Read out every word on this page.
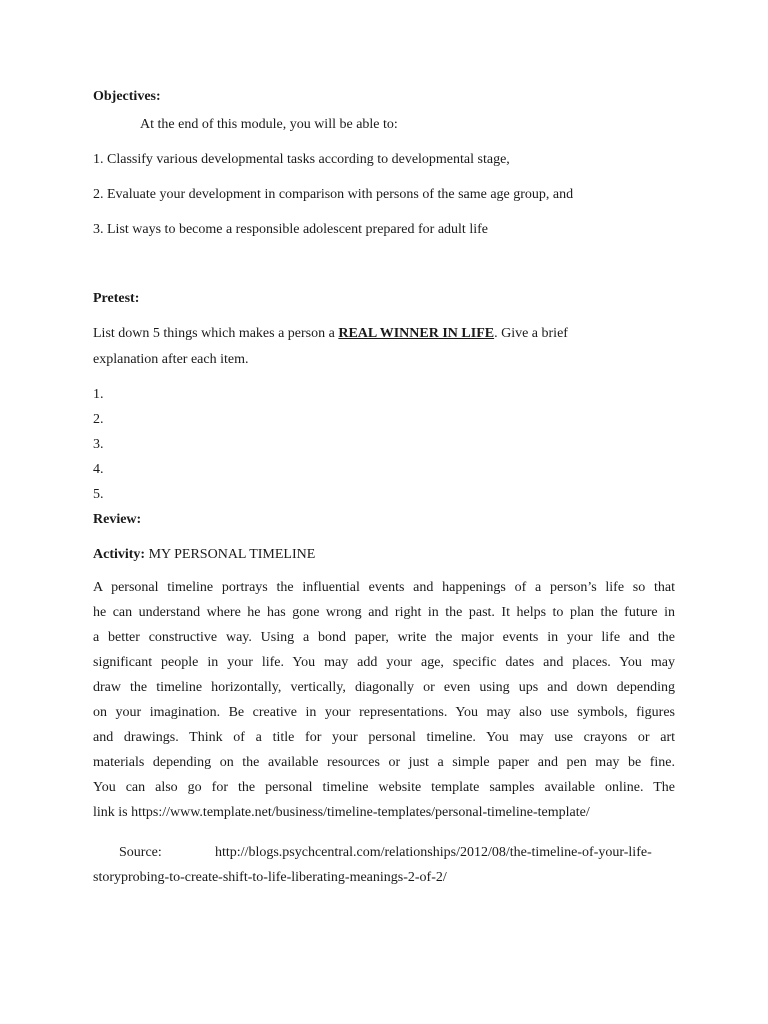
Objectives:
At the end of this module, you will be able to:
1. Classify various developmental tasks according to developmental stage,
2. Evaluate your development in comparison with persons of the same age group, and
3. List ways to become a responsible adolescent prepared for adult life
Pretest:
List down 5 things which makes a person a REAL WINNER IN LIFE. Give a brief
explanation after each item.
1.
2.
3.
4.
5.
Review:
Activity: MY PERSONAL TIMELINE
A personal timeline portrays the influential events and happenings of a person’s life so that
he can understand where he has gone wrong and right in the past. It helps to plan the future in
a better constructive way. Using a bond paper, write the major events in your life and the
significant people in your life. You may add your age, specific dates and places. You may
draw the timeline horizontally, vertically, diagonally or even using ups and down depending
on your imagination. Be creative in your representations. You may also use symbols, figures
and drawings. Think of a title for your personal timeline. You may use crayons or art
materials depending on the available resources or just a simple paper and pen may be fine.
You can also go for the personal timeline website template samples available online. The
link is https://www.template.net/business/timeline-templates/personal-timeline-template/
Source:	http://blogs.psychcentral.com/relationships/2012/08/the-timeline-of-your-life-
storyprobing-to-create-shift-to-life-liberating-meanings-2-of-2/
